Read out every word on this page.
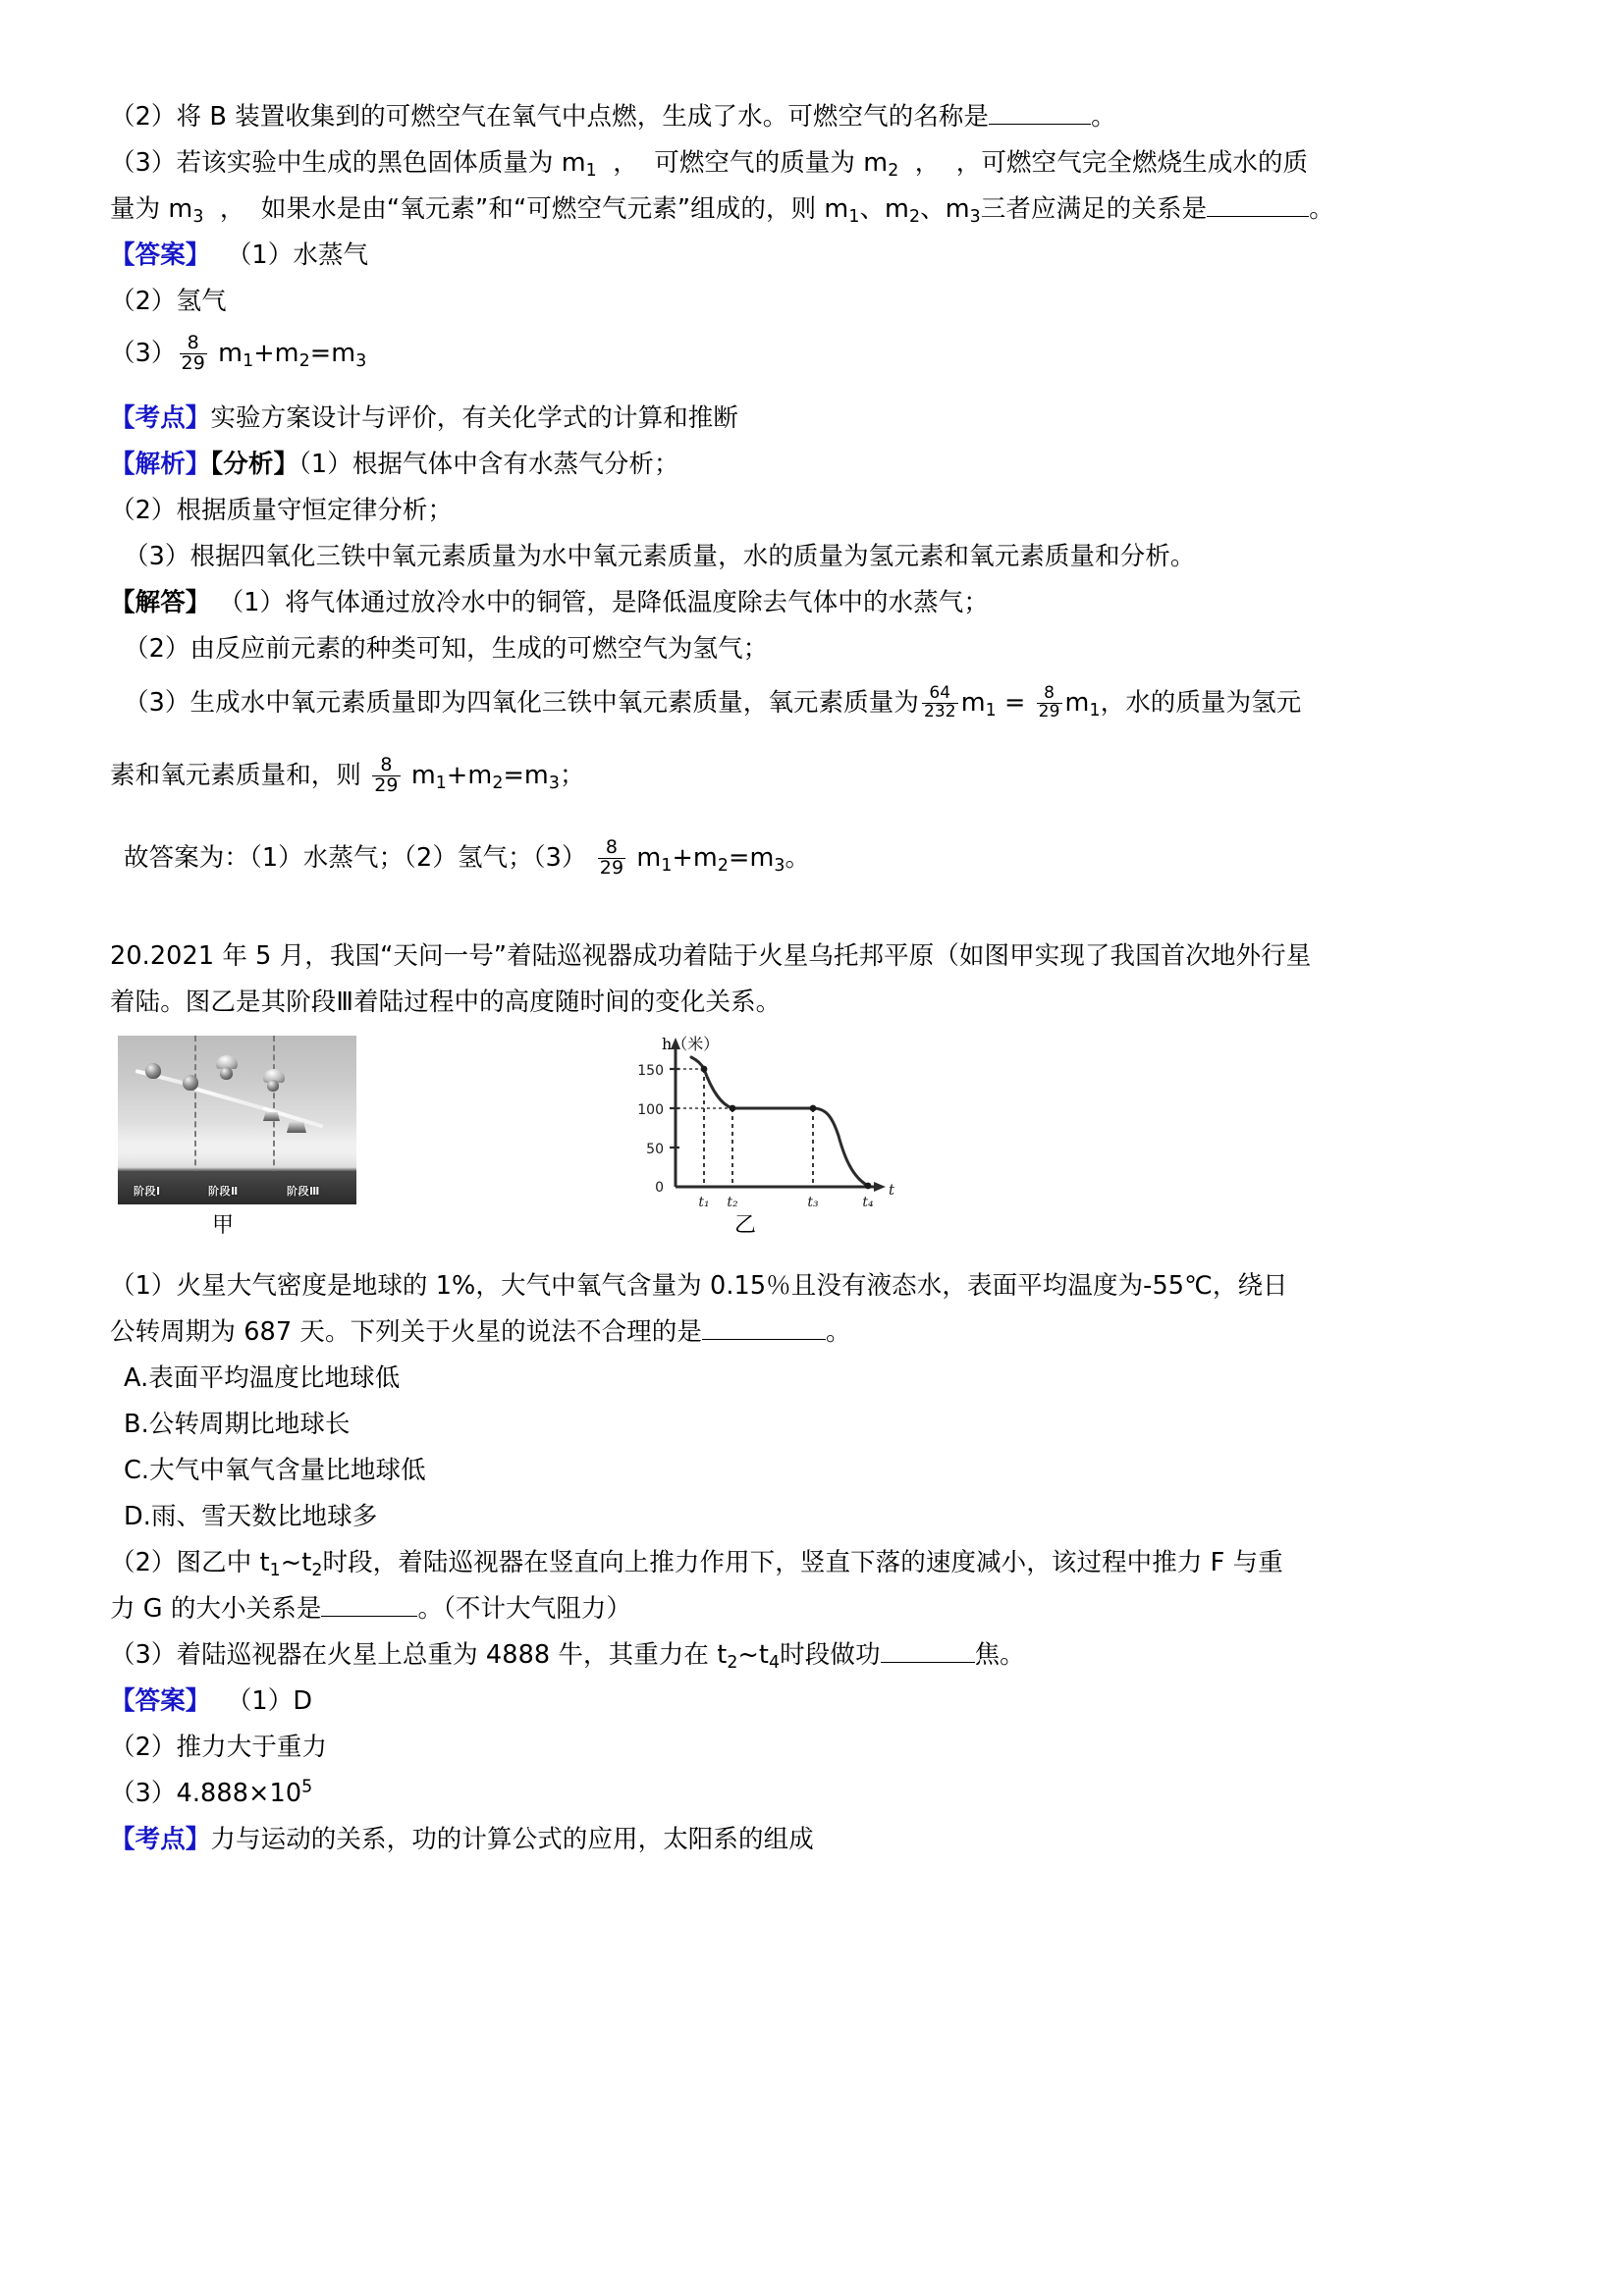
（2）将 B 装置收集到的可燃空气在氧气中点燃，生成了水。可燃空气的名称是	。
（3）若该实验中生成的黑色固体质量为 $m_1$  ，  可燃空气的质量为 $m_2$  ，  ，可燃空气完全燃烧生成水的质
量为 $m_3$  ，  如果水是由“氧元素”和“可燃空气元素”组成的，则 $m_1$、$m_2$、$m_3$三者应满足的关系是	。
【答案】 （1）水蒸气
（2）氢气
$(3) \frac{8}{29} m_1+m_2=m_3$
【考点】实验方案设计与评价，有关化学式的计算和推断
【解析】【分析】（1）根据气体中含有水蒸气分析；
（2）根据质量守恒定律分析；
（3）根据四氧化三铁中氧元素质量为水中氧元素质量，水的质量为氢元素和氧元素质量和分析。
【解答】 （1）将气体通过放冷水中的铜管，是降低温度除去气体中的水蒸气；
（2）由反应前元素的种类可知，生成的可燃空气为氢气；
（3）生成水中氧元素质量即为四氧化三铁中氧元素质量，氧元素质量为 $\frac{64}{232} m_1 = \frac{8}{29} m_1$，水的质量为氢元
素和氧元素质量和，则 $\frac{8}{29} m_1+m_2=m_3$；
故答案为：（1）水蒸气；（2）氢气；$(3) \frac{8}{29} m_1+m_2=m_3$。
20.2021 年 5 月，我国“天问一号”着陆巡视器成功着陆于火星乌托邦平原（如图甲实现了我国首次地外行星
着陆。图乙是其阶段Ⅲ着陆过程中的高度随时间的变化关系。
阶段Ⅰ	阶段Ⅱ	阶段Ⅲ
甲
150
100
50
0
t₁ t₂	t₃	t₄
t
h（米）
乙
（1）火星大气密度是地球的 1%，大气中氧气含量为 0.15％且没有液态水，表面平均温度为-55℃，绕日
公转周期为 687 天。下列关于火星的说法不合理的是	。
A.表面平均温度比地球低
B.公转周期比地球长
C.大气中氧气含量比地球低
D.雨、雪天数比地球多
（2）图乙中 $t_1\sim t_2$时段，着陆巡视器在竖直向上推力作用下，竖直下落的速度减小，该过程中推力 F 与重
力 G 的大小关系是	。（不计大气阻力）
（3）着陆巡视器在火星上总重为 4888 牛，其重力在 $t_2\sim t_4$时段做功	焦。
【答案】 （1）D
（2）推力大于重力
$(3)4.888\times 10^5$
【考点】力与运动的关系，功的计算公式的应用，太阳系的组成
